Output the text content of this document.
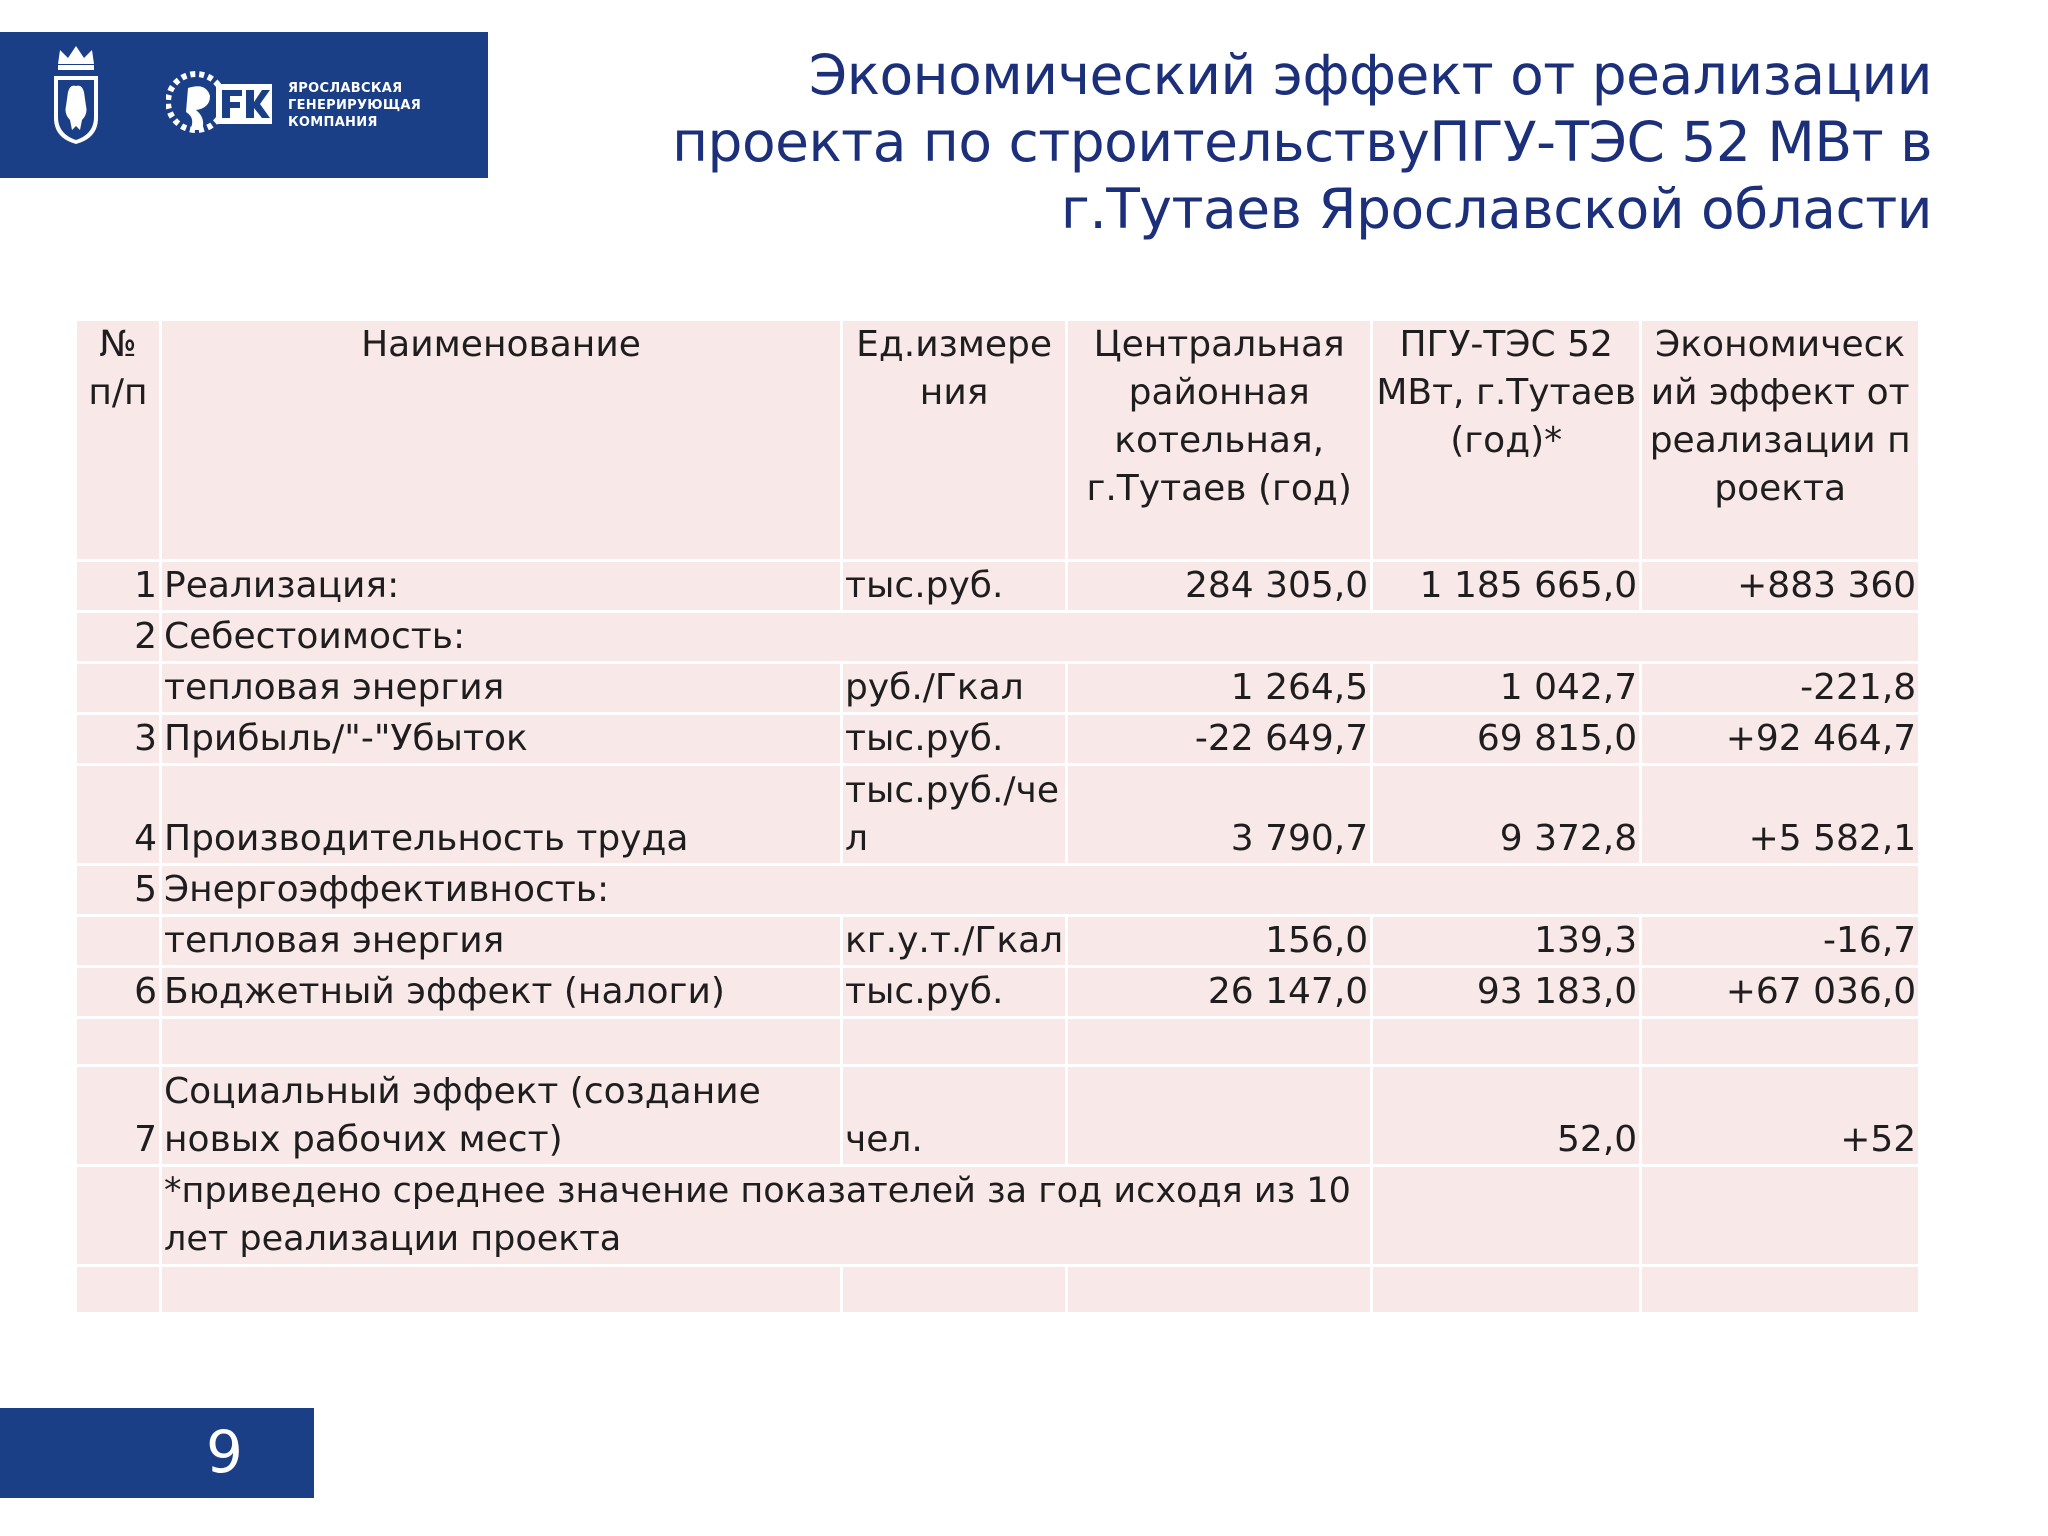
ЯРОСЛАВСКАЯ
ГЕНЕРИРУЮЩАЯ
КОМПАНИЯ
Экономический эффект от реализации
проекта по строительствуПГУ-ТЭС 52 МВт в
г.Тутаев Ярославской области
№ п/п	Наименование	Ед.измерения	Центральная районная котельная, г.Тутаев (год)	ПГУ-ТЭС 52 МВт, г.Тутаев (год)*	Экономический эффект от реализации проекта
1	Реализация:	тыс.руб.	284 305,0	1 185 665,0	+883 360
2	Себестоимость:				
	тепловая энергия	руб./Гкал	1 264,5	1 042,7	-221,8
3	Прибыль/"-"Убыток	тыс.руб.	-22 649,7	69 815,0	+92 464,7
4	Производительность труда	тыс.руб./чел	3 790,7	9 372,8	+5 582,1
5	Энергоэффективность:				
	тепловая энергия	кг.у.т./Гкал	156,0	139,3	-16,7
6	Бюджетный эффект (налоги)	тыс.руб.	26 147,0	93 183,0	+67 036,0

7	Социальный эффект (создание новых рабочих мест)	чел.		52,0	+52
	*приведено среднее значение показателей за год исходя из 10 лет реализации проекта				

9
